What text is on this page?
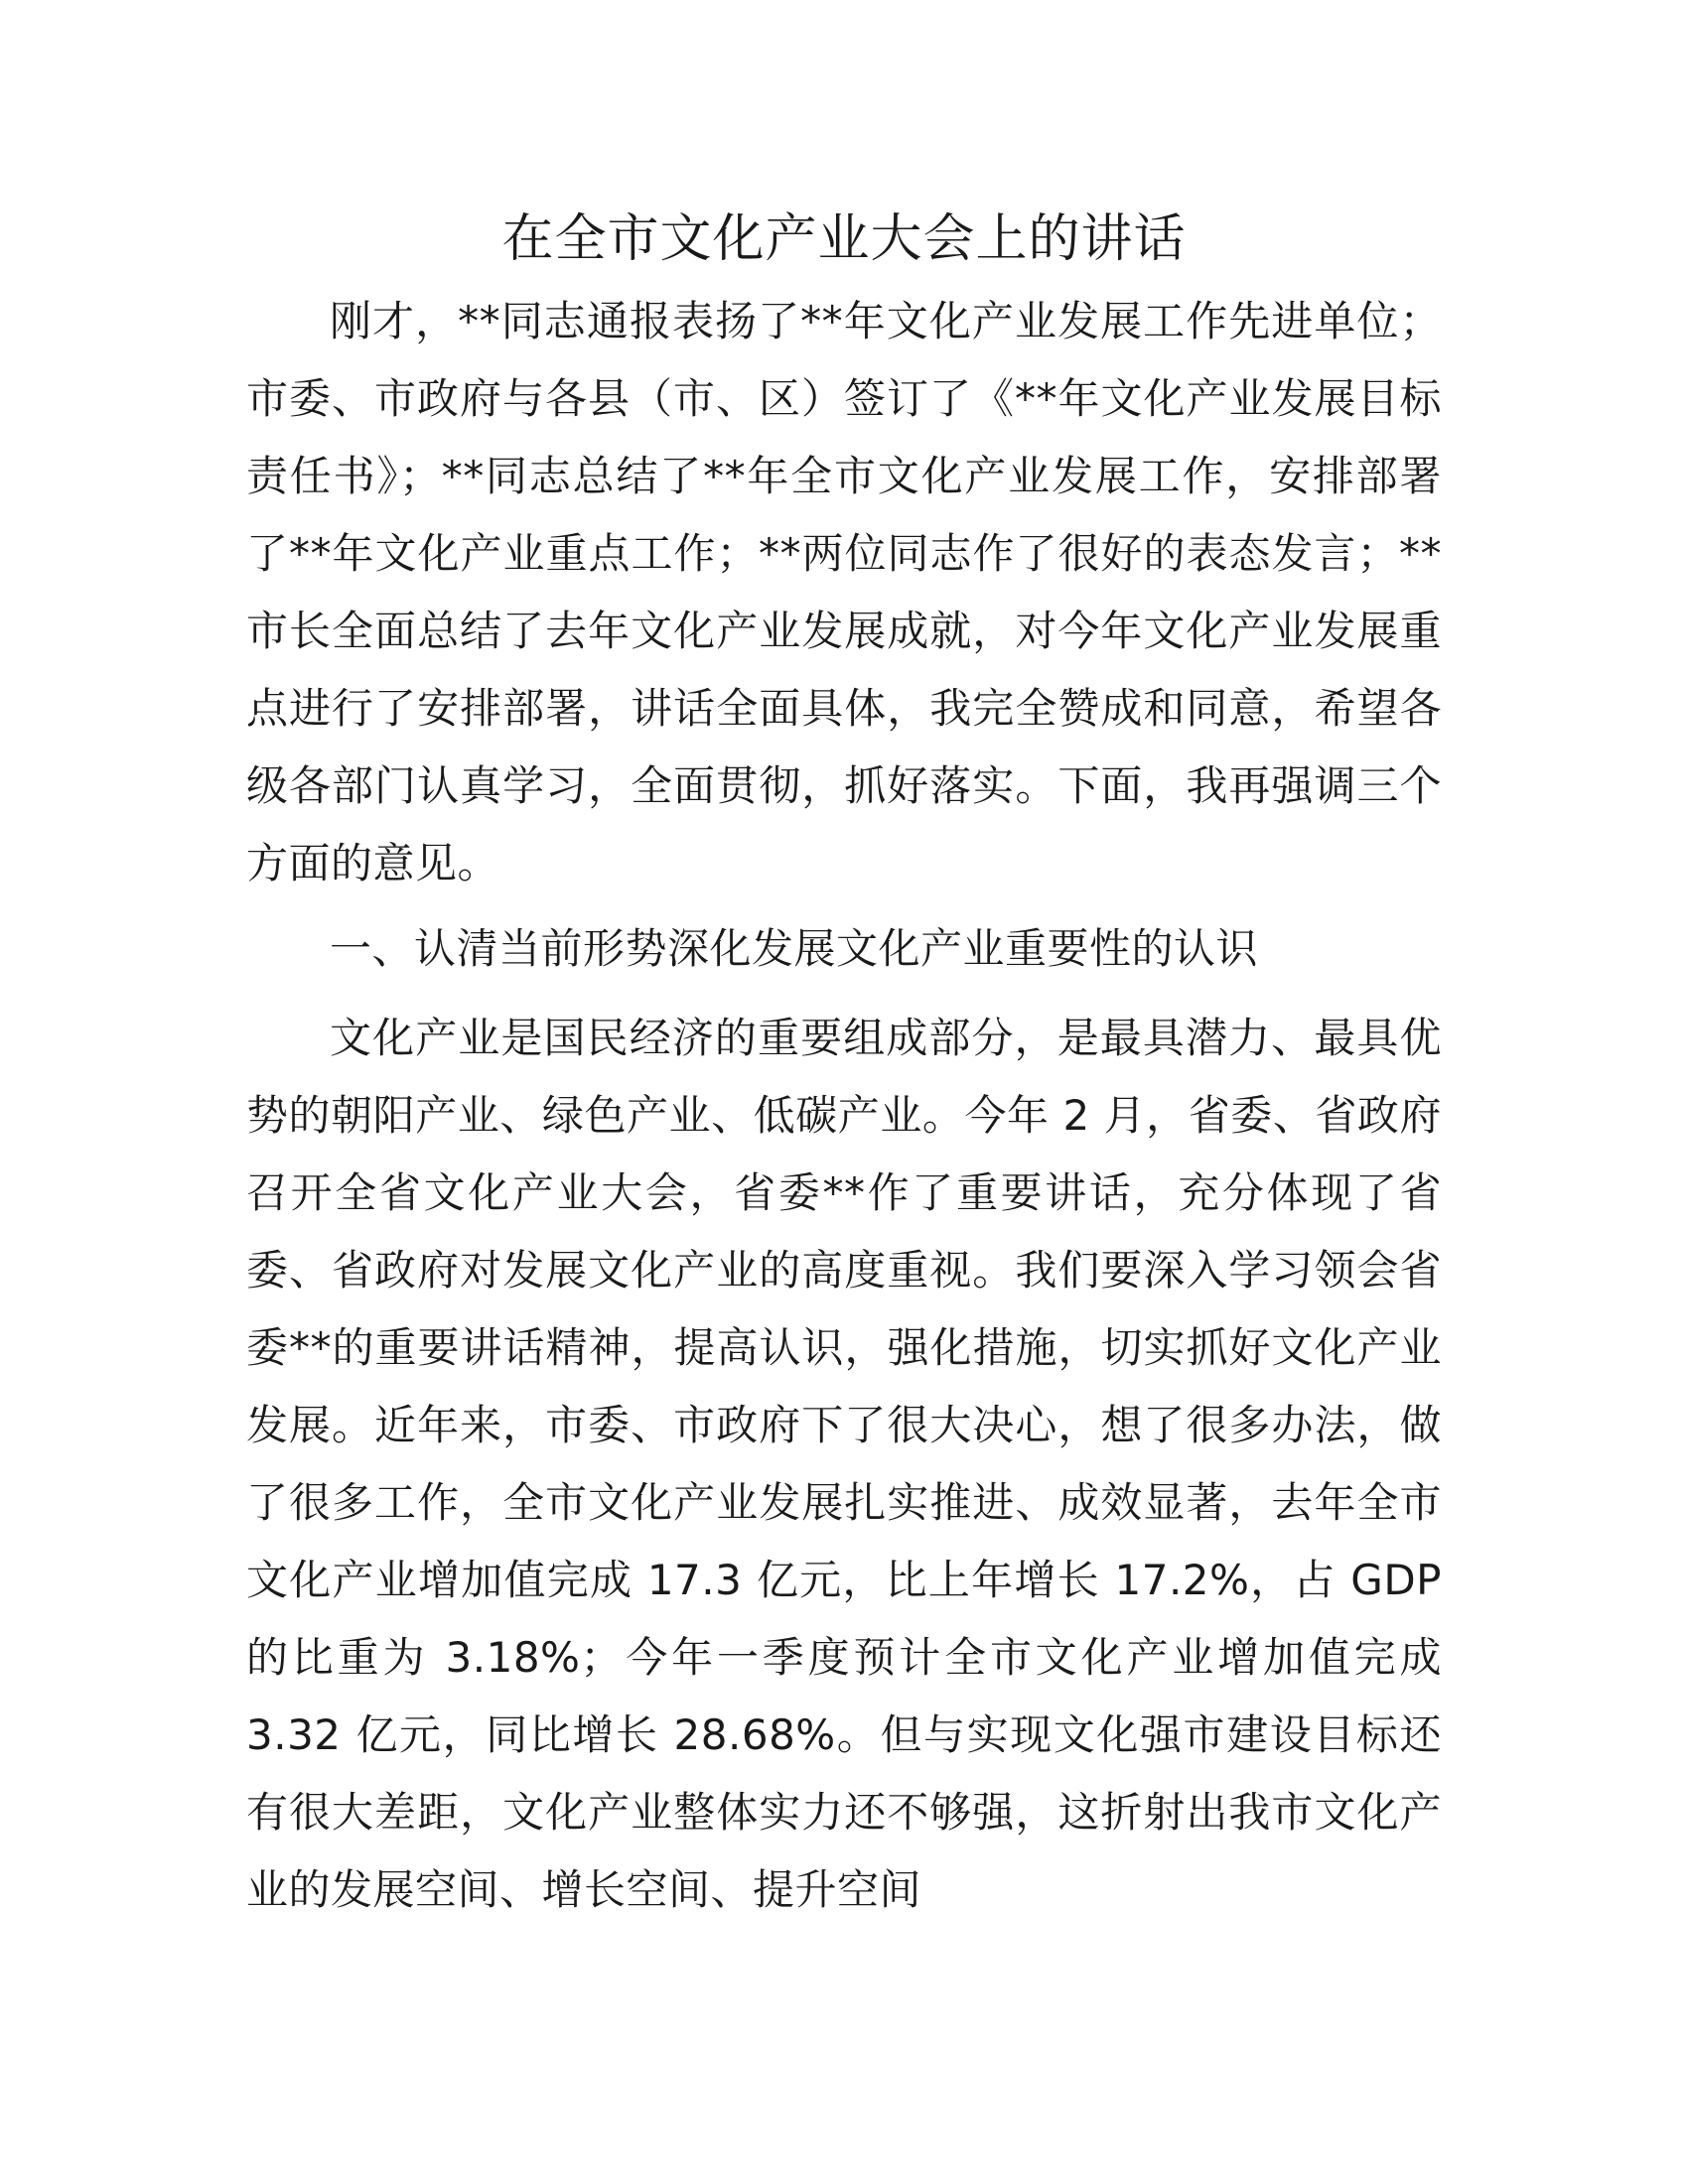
在全市文化产业大会上的讲话

刚才，**同志通报表扬了**年文化产业发展工作先进单位；市委、市政府与各县（市、区）签订了《**年文化产业发展目标责任书》；**同志总结了**年全市文化产业发展工作，安排部署了**年文化产业重点工作；**两位同志作了很好的表态发言；**市长全面总结了去年文化产业发展成就，对今年文化产业发展重点进行了安排部署，讲话全面具体，我完全赞成和同意，希望各级各部门认真学习，全面贯彻，抓好落实。下面，我再强调三个方面的意见。

一、认清当前形势深化发展文化产业重要性的认识

文化产业是国民经济的重要组成部分，是最具潜力、最具优势的朝阳产业、绿色产业、低碳产业。今年 2 月，省委、省政府召开全省文化产业大会，省委**作了重要讲话，充分体现了省委、省政府对发展文化产业的高度重视。我们要深入学习领会省委**的重要讲话精神，提高认识，强化措施，切实抓好文化产业发展。近年来，市委、市政府下了很大决心，想了很多办法，做了很多工作，全市文化产业发展扎实推进、成效显著，去年全市文化产业增加值完成 17.3 亿元，比上年增长 17.2%，占 GDP 的比重为 3.18%；今年一季度预计全市文化产业增加值完成 3.32 亿元，同比增长 28.68%。但与实现文化强市建设目标还有很大差距，文化产业整体实力还不够强，这折射出我市文化产业的发展空间、增长空间、提升空间
